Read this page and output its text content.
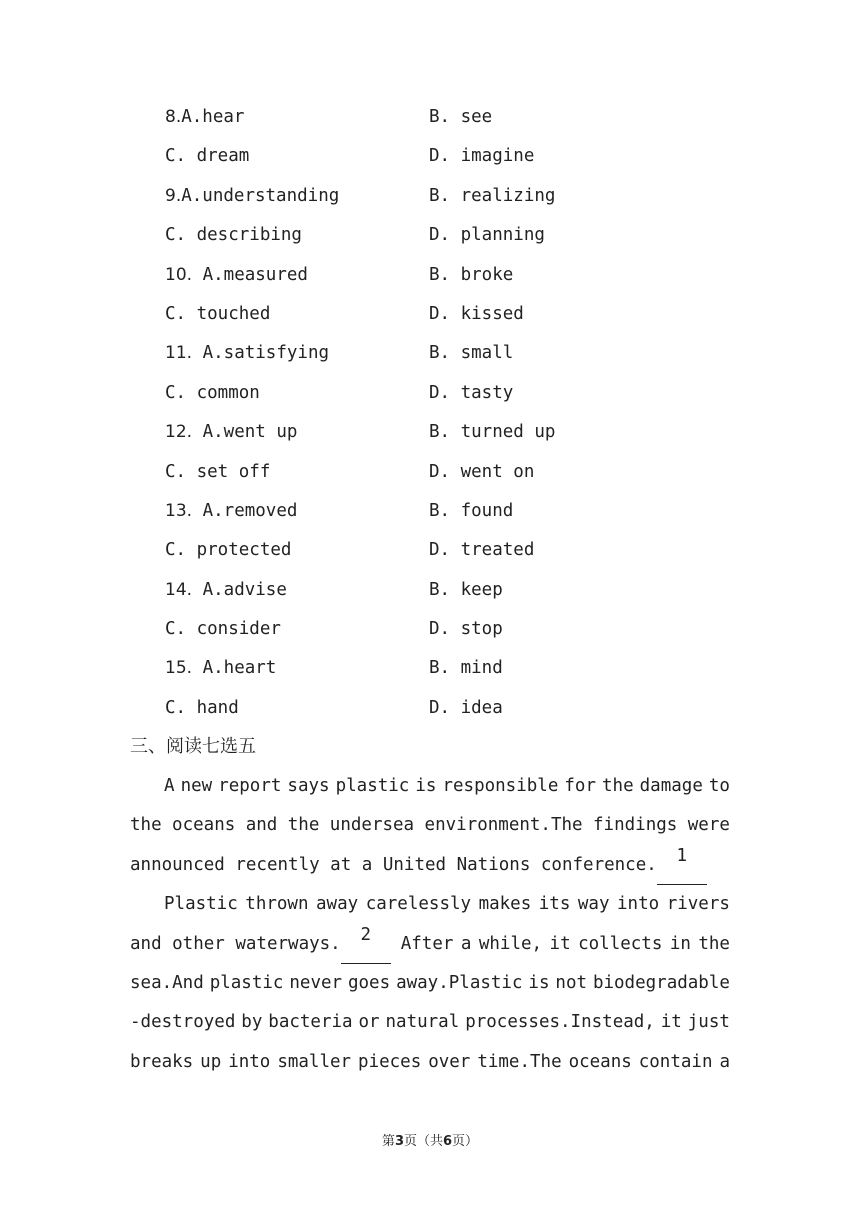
8.A.hear	B. see
C. dream	D. imagine
9.A.understanding	B. realizing
C. describing	D. planning
10. A.measured	B. broke
C. touched	D. kissed
11. A.satisfying	B. small
C. common	D. tasty
12. A.went up	B. turned up
C. set off	D. went on
13. A.removed	B. found
C. protected	D. treated
14. A.advise	B. keep
C. consider	D. stop
15. A.heart	B. mind
C. hand	D. idea
三、阅读七选五
A new report says plastic is responsible for the damage to
the oceans and the undersea environment.The findings were
announced recently at a United Nations conference.	1
Plastic thrown away carelessly makes its way into rivers
and other waterways.	2	After a while, it collects in the
sea.And plastic never goes away.Plastic is not biodegradable
-destroyed by bacteria or natural processes.Instead, it just
breaks up into smaller pieces over time.The oceans contain a
第3页（共6页）
